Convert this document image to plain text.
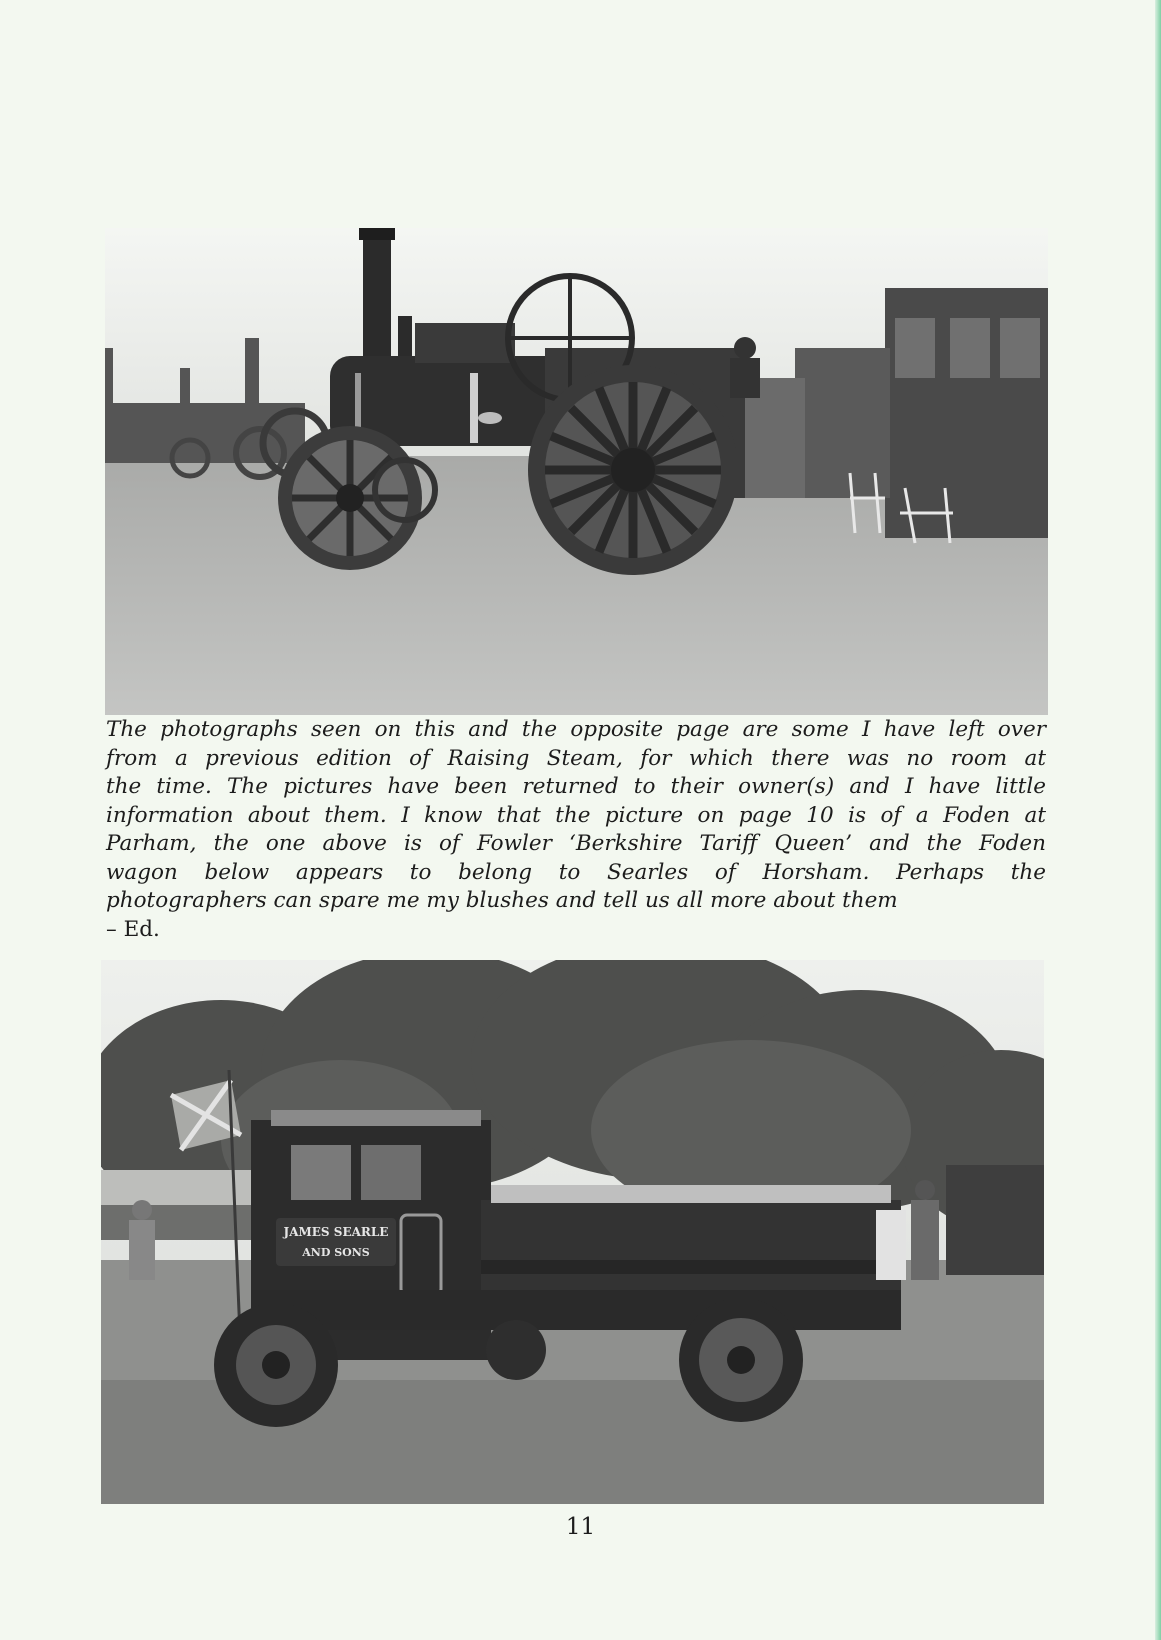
The photographs seen on this and the opposite page are some I have left over
from a previous edition of Raising Steam, for which there was no room at
the time. The pictures have been returned to their owner(s) and I have little
information about them. I know that the picture on page 10 is of a Foden at
Parham, the one above is of Fowler ‘Berkshire Tariff Queen’ and the Foden
wagon below appears to belong to Searles of Horsham. Perhaps the
photographers can spare me my blushes and tell us all more about them
– Ed.
JAMES SEARLE
AND SONS
11
